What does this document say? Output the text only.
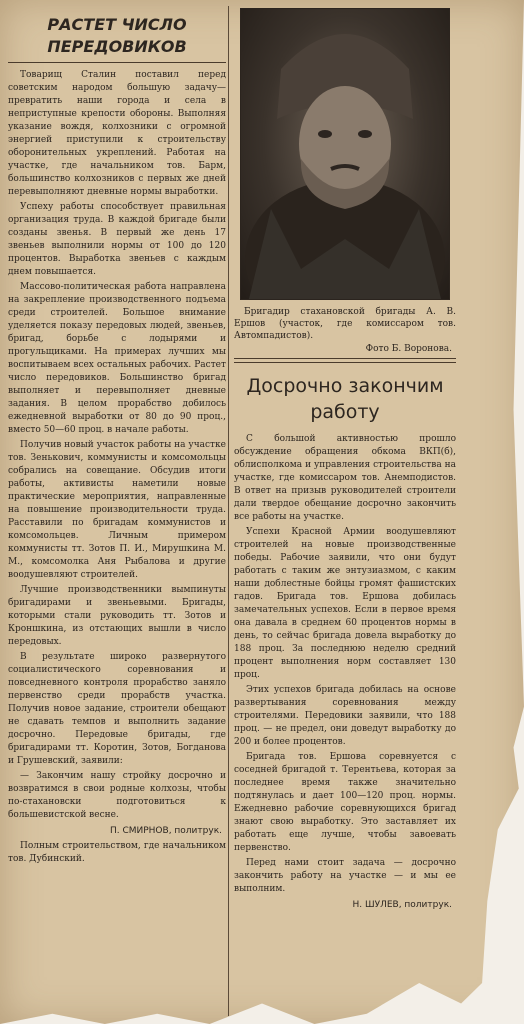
РАСТЕТ ЧИСЛО
ПЕРЕДОВИКОВ

Товарищ Сталин поставил перед советским народом большую задачу—превратить наши города и села в неприступные крепости обороны. Выполняя указание вождя, колхозники с огромной энергией приступили к строительству оборонительных укреплений. Работая на участке, где начальником тов. Барм, большинство колхозников с первых же дней перевыполняют дневные нормы выработки.

Успеху работы способствует правильная организация труда. В каждой бригаде были созданы звенья. В первый же день 17 звеньев выполнили нормы от 100 до 120 процентов. Выработка звеньев с каждым днем повышается.

Массово-политическая работа направлена на закрепление производственного подъема среди строителей. Большое внимание уделяется показу передовых людей, звеньев, бригад, борьбе с лодырями и прогульщиками. На примерах лучших мы воспитываем всех остальных рабочих. Растет число передовиков. Большинство бригад выполняет и перевыполняет дневные задания. В целом прорабство добилось ежедневной выработки от 80 до 90 проц., вместо 50—60 проц. в начале работы.

Получив новый участок работы на участке тов. Зенькович, коммунисты и комсомольцы собрались на совещание. Обсудив итоги работы, активисты наметили новые практические мероприятия, направленные на повышение производительности труда. Расставили по бригадам коммунистов и комсомольцев. Личным примером коммунисты тт. Зотов П. И., Мирушкина М. М., комсомолка Аня Рыбалова и другие воодушевляют строителей.

Лучшие производственники вымпинуты бригадирами и звеньевыми. Бригады, которыми стали руководить тт. Зотов и Кроншкина, из отстающих вышли в число передовых.

В результате широко развернутого социалистического соревнования и повседневного контроля прорабство заняло первенство среди прорабств участка. Получив новое задание, строители обещают не сдавать темпов и выполнить задание досрочно. Передовые бригады, где бригадирами тт. Коротин, Зотов, Богданова и Грушевский, заявили:

— Закончим нашу стройку досрочно и возвратимся в свои родные колхозы, чтобы по-стахановски подготовиться к большевистской весне.

П. СМИРНОВ, политрук.

Полным строительством, где начальником тов. Дубинский.

Бригадир стахановской бригады А. В. Ершов (участок, где комиссаром тов. Автомпадистов).

Фото Б. Воронова.
Досрочно закончим работу

С большой активностью прошло обсуждение обращения обкома ВКП(б), облисполкома и управления строительства на участке, где комиссаром тов. Анемподистов. В ответ на призыв руководителей строители дали твердое обещание досрочно закончить все работы на участке.

Успехи Красной Армии воодушевляют строителей на новые производственные победы. Рабочие заявили, что они будут работать с таким же энтузиазмом, с каким наши доблестные бойцы громят фашистских гадов. Бригада тов. Ершова добилась замечательных успехов. Если в первое время она давала в среднем 60 процентов нормы в день, то сейчас бригада довела выработку до 188 проц. За последнюю неделю средний процент выполнения норм составляет 130 проц.

Этих успехов бригада добилась на основе развертывания соревнования между строителями. Передовики заявили, что 188 проц. — не предел, они доведут выработку до 200 и более процентов.

Бригада тов. Ершова соревнуется с соседней бригадой т. Терентьева, которая за последнее время также значительно подтянулась и дает 100—120 проц. нормы. Ежедневно рабочие соревнующихся бригад знают свою выработку. Это заставляет их работать еще лучше, чтобы завоевать первенство.

Перед нами стоит задача — досрочно закончить работу на участке — и мы ее выполним.

Н. ШУЛЕВ, политрук.
